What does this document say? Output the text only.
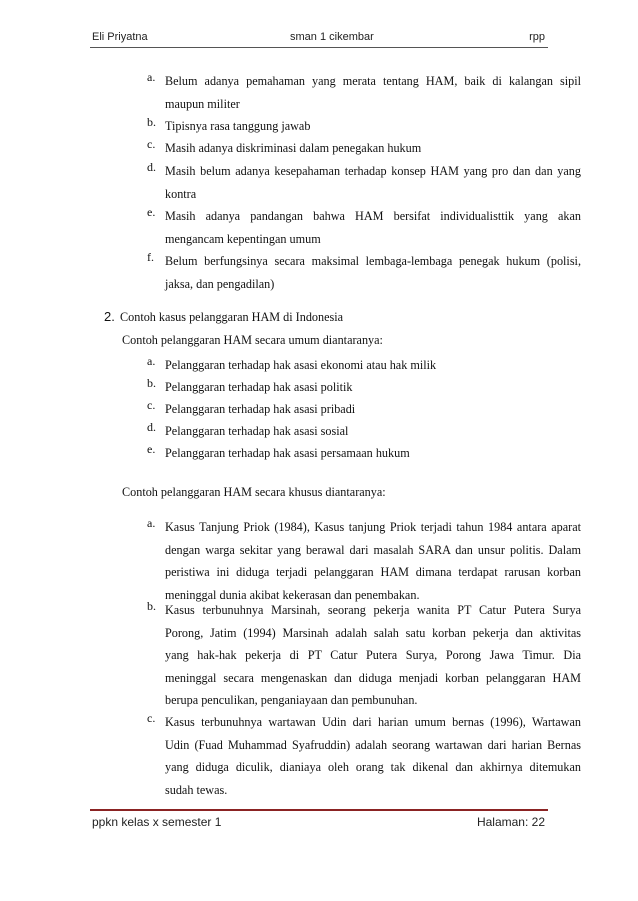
Eli Priyatna	sman 1 cikembar	rpp
a. Belum adanya pemahaman yang merata tentang HAM, baik di kalangan sipil
maupun militer
b. Tipisnya rasa tanggung jawab
c. Masih adanya diskriminasi dalam penegakan hukum
d. Masih belum adanya kesepahaman terhadap konsep HAM yang pro dan dan yang
kontra
e. Masih adanya pandangan bahwa HAM bersifat individualisttik yang akan
mengancam kepentingan umum
f. Belum berfungsinya secara maksimal lembaga-lembaga penegak hukum (polisi,
jaksa, dan pengadilan)
2. Contoh kasus pelanggaran HAM di Indonesia
Contoh pelanggaran HAM secara umum diantaranya:
a. Pelanggaran terhadap hak asasi ekonomi atau hak milik
b. Pelanggaran terhadap hak asasi politik
c. Pelanggaran terhadap hak asasi pribadi
d. Pelanggaran terhadap hak asasi sosial
e. Pelanggaran terhadap hak asasi persamaan hukum
Contoh pelanggaran HAM secara khusus diantaranya:
a. Kasus Tanjung Priok (1984), Kasus tanjung Priok terjadi tahun 1984 antara aparat
dengan warga sekitar yang berawal dari masalah SARA dan unsur politis. Dalam
peristiwa ini diduga terjadi pelanggaran HAM dimana terdapat rarusan korban
meninggal dunia akibat kekerasan dan penembakan.
b. Kasus terbunuhnya Marsinah, seorang pekerja wanita PT Catur Putera Surya
Porong, Jatim (1994) Marsinah adalah salah satu korban pekerja dan aktivitas
yang hak-hak pekerja di PT Catur Putera Surya, Porong Jawa Timur. Dia
meninggal secara mengenaskan dan diduga menjadi korban pelanggaran HAM
berupa penculikan, penganiayaan dan pembunuhan.
c. Kasus terbunuhnya wartawan Udin dari harian umum bernas (1996), Wartawan
Udin (Fuad Muhammad Syafruddin) adalah seorang wartawan dari harian Bernas
yang diduga diculik, dianiaya oleh orang tak dikenal dan akhirnya ditemukan
sudah tewas.
ppkn kelas x semester 1	Halaman: 22
